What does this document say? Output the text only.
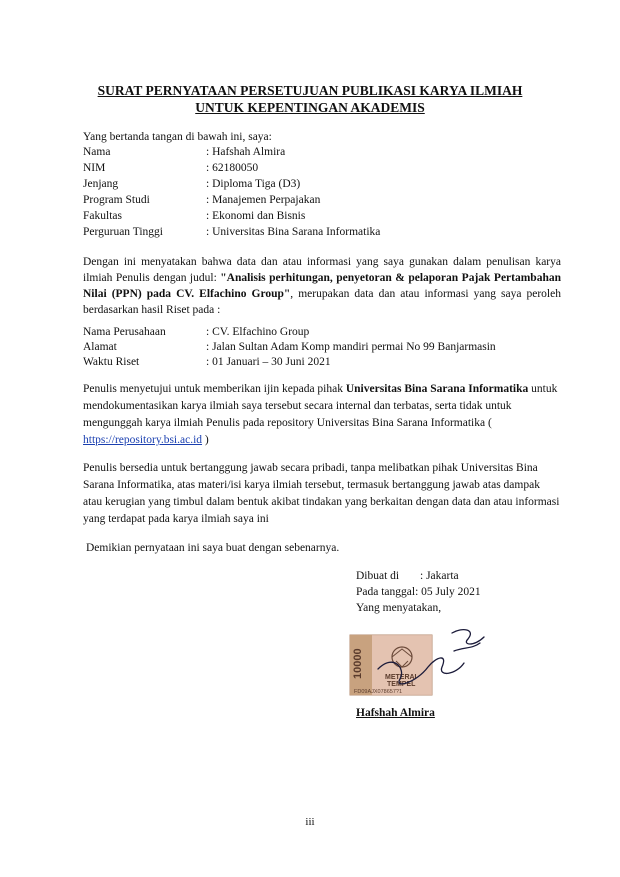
SURAT PERNYATAAN PERSETUJUAN PUBLIKASI KARYA ILMIAH
UNTUK KEPENTINGAN AKADEMIS
Yang bertanda tangan di bawah ini, saya:
Nama	: Hafshah Almira
NIM	: 62180050
Jenjang	: Diploma Tiga (D3)
Program Studi	: Manajemen Perpajakan
Fakultas	: Ekonomi dan Bisnis
Perguruan Tinggi	: Universitas Bina Sarana Informatika
Dengan ini menyatakan bahwa data dan atau informasi yang saya gunakan dalam penulisan karya ilmiah Penulis dengan judul: "Analisis perhitungan, penyetoran & pelaporan Pajak Pertambahan Nilai (PPN) pada CV. Elfachino Group", merupakan data dan atau informasi yang saya peroleh berdasarkan hasil Riset pada :
Nama Perusahaan	: CV. Elfachino Group
Alamat	: Jalan Sultan Adam Komp mandiri permai No 99 Banjarmasin
Waktu Riset	: 01 Januari – 30 Juni 2021
Penulis menyetujui untuk memberikan ijin kepada pihak Universitas Bina Sarana Informatika untuk mendokumentasikan karya ilmiah saya tersebut secara internal dan terbatas, serta tidak untuk mengunggah karya ilmiah Penulis pada repository Universitas Bina Sarana Informatika ( https://repository.bsi.ac.id )
Penulis bersedia untuk bertanggung jawab secara pribadi, tanpa melibatkan pihak Universitas Bina Sarana Informatika, atas materi/isi karya ilmiah tersebut, termasuk bertanggung jawab atas dampak atau kerugian yang timbul dalam bentuk akibat tindakan yang berkaitan dengan data dan atau informasi yang terdapat pada karya ilmiah saya ini
Demikian pernyataan ini saya buat dengan sebenarnya.
Dibuat di : Jakarta
Pada tanggal: 05 July 2021
Yang menyatakan,
10000	METERAI
TEMPEL
FD09AJX078657?1
Hafshah Almira
iii
